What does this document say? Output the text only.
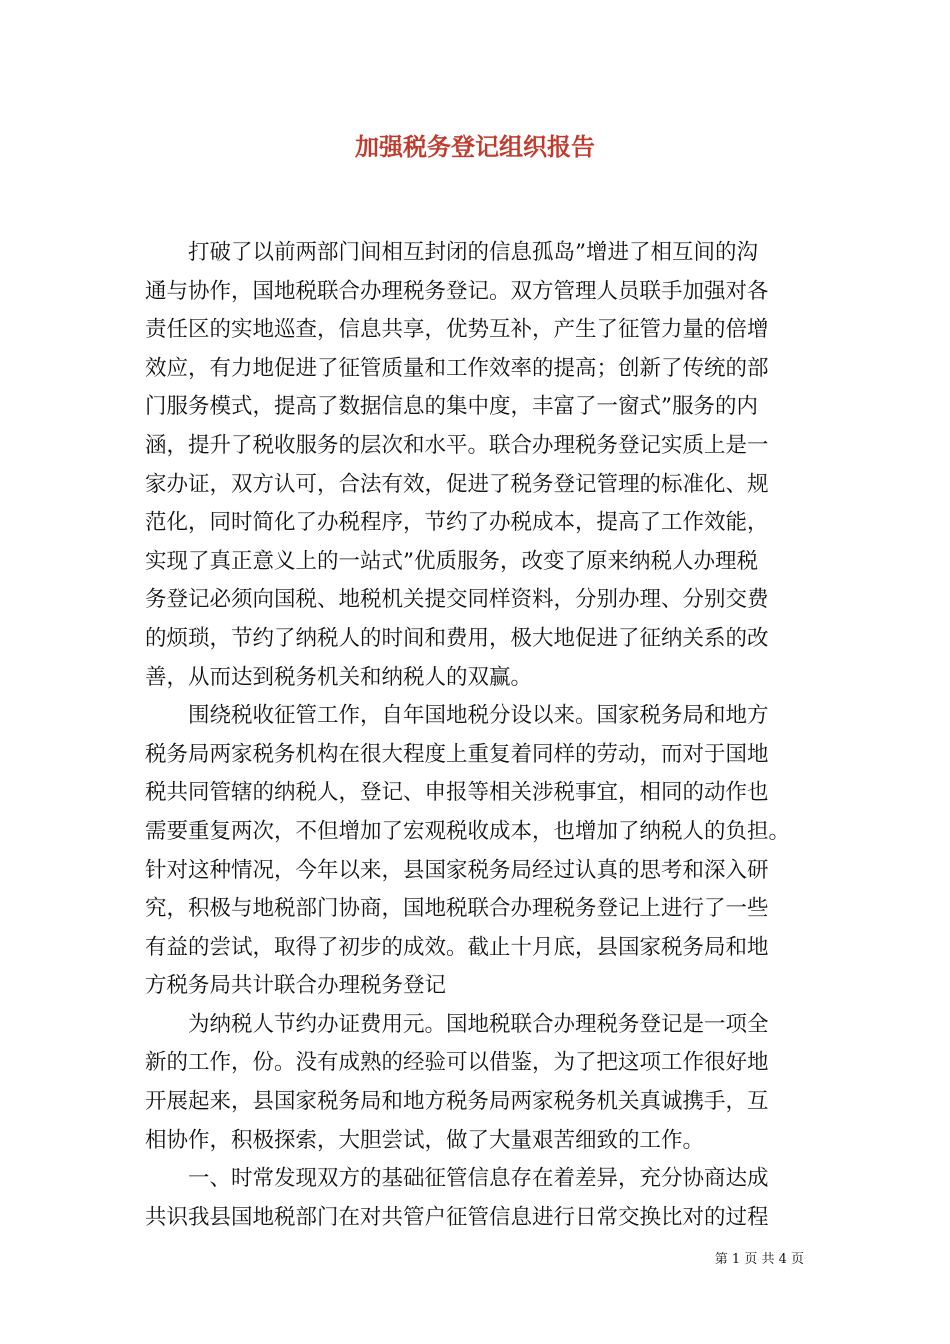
加强税务登记组织报告

　　打破了以前两部门间相互封闭的信息孤岛”增进了相互间的沟
通与协作，国地税联合办理税务登记。双方管理人员联手加强对各
责任区的实地巡查，信息共享，优势互补，产生了征管力量的倍增
效应，有力地促进了征管质量和工作效率的提高；创新了传统的部
门服务模式，提高了数据信息的集中度，丰富了一窗式”服务的内
涵，提升了税收服务的层次和水平。联合办理税务登记实质上是一
家办证，双方认可，合法有效，促进了税务登记管理的标准化、规
范化，同时简化了办税程序，节约了办税成本，提高了工作效能，
实现了真正意义上的一站式”优质服务，改变了原来纳税人办理税
务登记必须向国税、地税机关提交同样资料，分别办理、分别交费
的烦琐，节约了纳税人的时间和费用，极大地促进了征纳关系的改
善，从而达到税务机关和纳税人的双赢。

　　围绕税收征管工作，自年国地税分设以来。国家税务局和地方
税务局两家税务机构在很大程度上重复着同样的劳动，而对于国地
税共同管辖的纳税人，登记、申报等相关涉税事宜，相同的动作也
需要重复两次，不但增加了宏观税收成本，也增加了纳税人的负担。
针对这种情况，今年以来，县国家税务局经过认真的思考和深入研
究，积极与地税部门协商，国地税联合办理税务登记上进行了一些
有益的尝试，取得了初步的成效。截止十月底，县国家税务局和地
方税务局共计联合办理税务登记

　　为纳税人节约办证费用元。国地税联合办理税务登记是一项全
新的工作，份。没有成熟的经验可以借鉴，为了把这项工作很好地
开展起来，县国家税务局和地方税务局两家税务机关真诚携手，互
相协作，积极探索，大胆尝试，做了大量艰苦细致的工作。

　　一、时常发现双方的基础征管信息存在着差异，充分协商达成
共识我县国地税部门在对共管户征管信息进行日常交换比对的过程

第 1 页 共 4 页
